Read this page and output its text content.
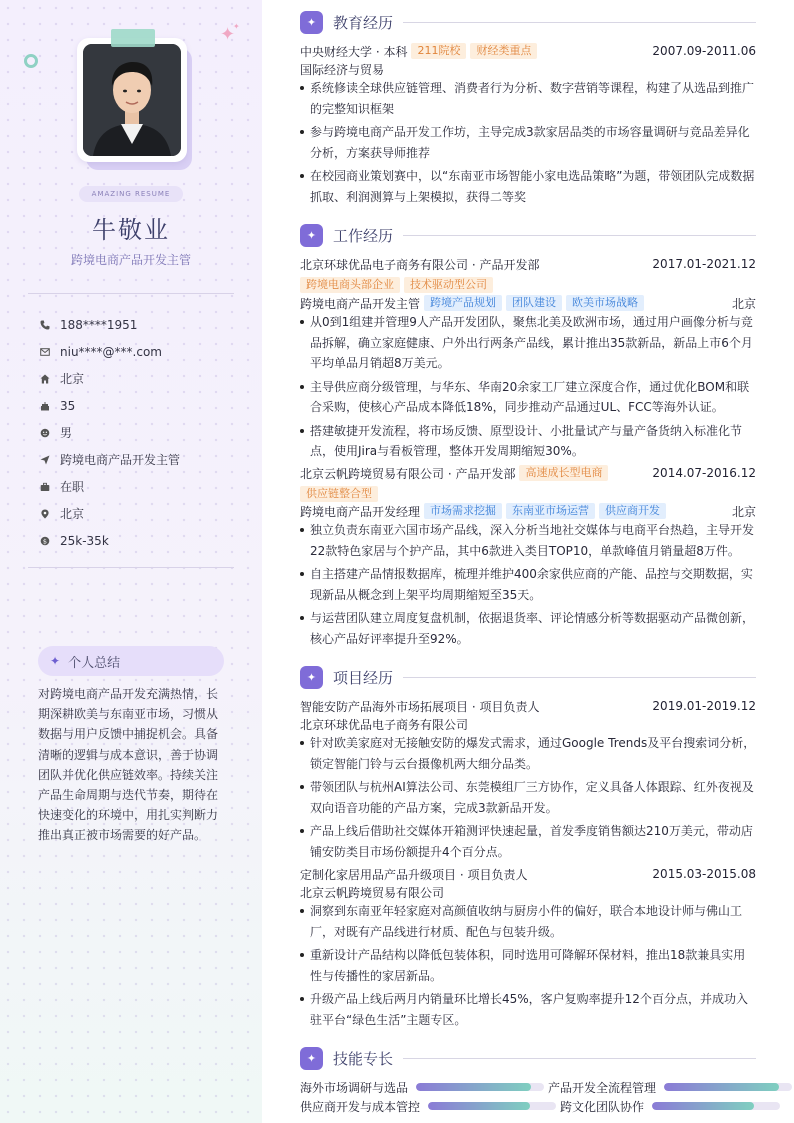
✦
✦
AMAZING RESUME
牛敬业
跨境电商产品开发主管
188****1951
niu****@***.com
北京
35
男
跨境电商产品开发主管
在职
北京
$ 25k-35k
✦ 个人总结
对跨境电商产品开发充满热情，长期深耕欧美与东南亚市场，习惯从数据与用户反馈中捕捉机会。具备清晰的逻辑与成本意识，善于协调团队并优化供应链效率。持续关注产品生命周期与迭代节奏，期待在快速变化的环境中，用扎实判断力推出真正被市场需要的好产品。
✦	教育经历
中央财经大学 · 本科 211院校	财经类重点	2007.09-2011.06
国际经济与贸易
系统修读全球供应链管理、消费者行为分析、数字营销等课程，构建了从选品到推广的完整知识框架
参与跨境电商产品开发工作坊，主导完成3款家居品类的市场容量调研与竞品差异化分析，方案获导师推荐
在校园商业策划赛中，以“东南亚市场智能小家电选品策略”为题，带领团队完成数据抓取、利润测算与上架模拟，获得二等奖
✦	工作经历
北京环球优品电子商务有限公司 · 产品开发部	2017.01-2021.12
跨境电商头部企业	技术驱动型公司
跨境电商产品开发主管 跨境产品规划	团队建设	欧美市场战略	北京
从0到1组建并管理9人产品开发团队，聚焦北美及欧洲市场，通过用户画像分析与竞品拆解，确立家庭健康、户外出行两条产品线，累计推出35款新品，新品上市6个月平均单品月销超8万美元。
主导供应商分级管理，与华东、华南20余家工厂建立深度合作，通过优化BOM和联合采购，使核心产品成本降低18%，同步推动产品通过UL、FCC等海外认证。
搭建敏捷开发流程，将市场反馈、原型设计、小批量试产与量产备货纳入标准化节点，使用Jira与看板管理，整体开发周期缩短30%。
北京云帆跨境贸易有限公司 · 产品开发部 高速成长型电商	2014.07-2016.12
供应链整合型
跨境电商产品开发经理 市场需求挖掘	东南亚市场运营	供应商开发	北京
独立负责东南亚六国市场产品线，深入分析当地社交媒体与电商平台热趋，主导开发22款特色家居与个护产品，其中6款进入类目TOP10，单款峰值月销量超8万件。
自主搭建产品情报数据库，梳理并维护400余家供应商的产能、品控与交期数据，实现新品从概念到上架平均周期缩短至35天。
与运营团队建立周度复盘机制，依据退货率、评论情感分析等数据驱动产品微创新，核心产品好评率提升至92%。
✦	项目经历
智能安防产品海外市场拓展项目 · 项目负责人	2019.01-2019.12
北京环球优品电子商务有限公司
针对欧美家庭对无接触安防的爆发式需求，通过Google Trends及平台搜索词分析，锁定智能门铃与云台摄像机两大细分品类。
带领团队与杭州AI算法公司、东莞模组厂三方协作，定义具备人体跟踪、红外夜视及双向语音功能的产品方案，完成3款新品开发。
产品上线后借助社交媒体开箱测评快速起量，首发季度销售额达210万美元，带动店铺安防类目市场份额提升4个百分点。
定制化家居用品产品升级项目 · 项目负责人	2015.03-2015.08
北京云帆跨境贸易有限公司
洞察到东南亚年轻家庭对高颜值收纳与厨房小件的偏好，联合本地设计师与佛山工厂，对既有产品线进行材质、配色与包装升级。
重新设计产品结构以降低包装体积，同时选用可降解环保材料，推出18款兼具实用性与传播性的家居新品。
升级产品上线后两月内销量环比增长45%，客户复购率提升12个百分点，并成功入驻平台“绿色生活”主题专区。
✦	技能专长
海外市场调研与选品	产品开发全流程管理
供应商开发与成本管控	跨文化团队协作
